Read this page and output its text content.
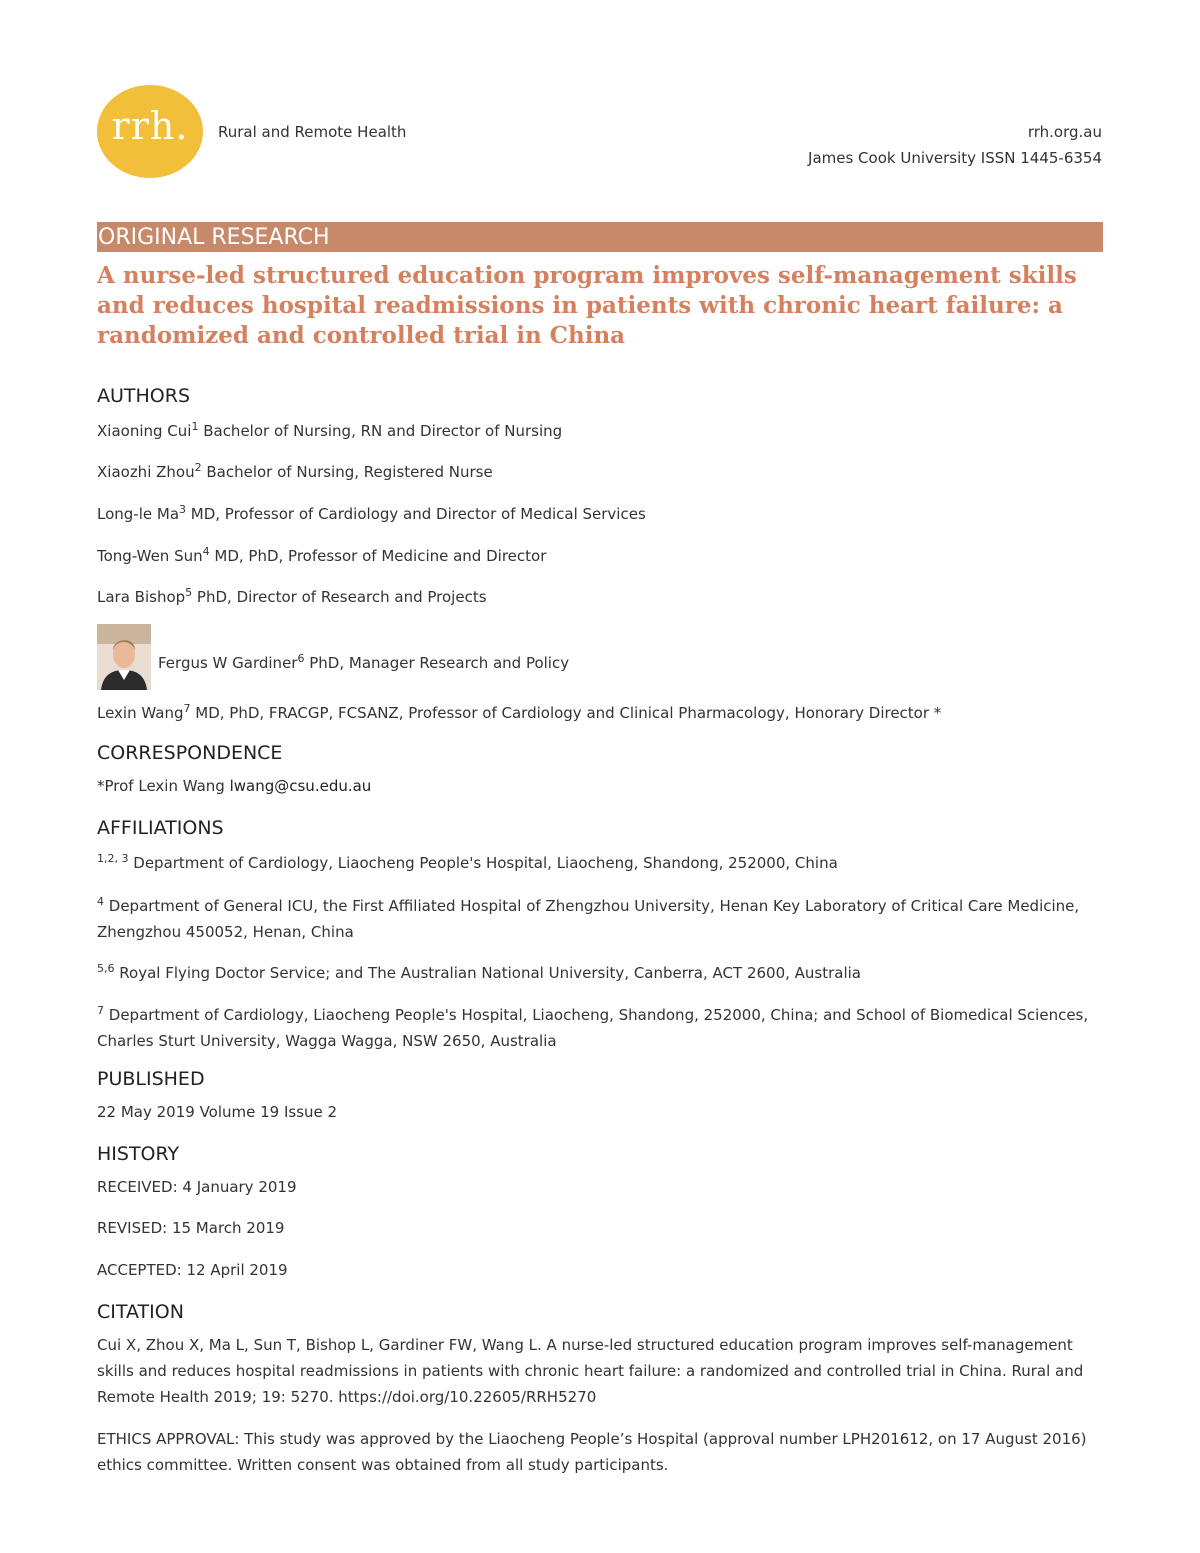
rrh.	Rural and Remote Health	rrh.org.au
James Cook University ISSN 1445-6354
ORIGINAL RESEARCH
A nurse-led structured education program improves self-management skills and reduces hospital readmissions in patients with chronic heart failure: a randomized and controlled trial in China
AUTHORS
Xiaoning Cui$^1$ Bachelor of Nursing, RN and Director of Nursing
Xiaozhi Zhou$^2$ Bachelor of Nursing, Registered Nurse
Long-le Ma$^3$ MD, Professor of Cardiology and Director of Medical Services
Tong-Wen Sun$^4$ MD, PhD, Professor of Medicine and Director
Lara Bishop$^5$ PhD, Director of Research and Projects
Fergus W Gardiner$^6$ PhD, Manager Research and Policy
Lexin Wang$^7$ MD, PhD, FRACGP, FCSANZ, Professor of Cardiology and Clinical Pharmacology, Honorary Director *
CORRESPONDENCE
*Prof Lexin Wang lwang@csu.edu.au
AFFILIATIONS
$^{1,2, 3}$ Department of Cardiology, Liaocheng People's Hospital, Liaocheng, Shandong, 252000, China
$^4$ Department of General ICU, the First Affiliated Hospital of Zhengzhou University, Henan Key Laboratory of Critical Care Medicine, Zhengzhou 450052, Henan, China
$^{5,6}$ Royal Flying Doctor Service; and The Australian National University, Canberra, ACT 2600, Australia
$^7$ Department of Cardiology, Liaocheng People's Hospital, Liaocheng, Shandong, 252000, China; and School of Biomedical Sciences, Charles Sturt University, Wagga Wagga, NSW 2650, Australia
PUBLISHED
22 May 2019 Volume 19 Issue 2
HISTORY
RECEIVED: 4 January 2019
REVISED: 15 March 2019
ACCEPTED: 12 April 2019
CITATION
Cui X, Zhou X, Ma L, Sun T, Bishop L, Gardiner FW, Wang L. A nurse-led structured education program improves self-management skills and reduces hospital readmissions in patients with chronic heart failure: a randomized and controlled trial in China. Rural and Remote Health 2019; 19: 5270. https://doi.org/10.22605/RRH5270
ETHICS APPROVAL: This study was approved by the Liaocheng People’s Hospital (approval number LPH201612, on 17 August 2016) ethics committee. Written consent was obtained from all study participants.
